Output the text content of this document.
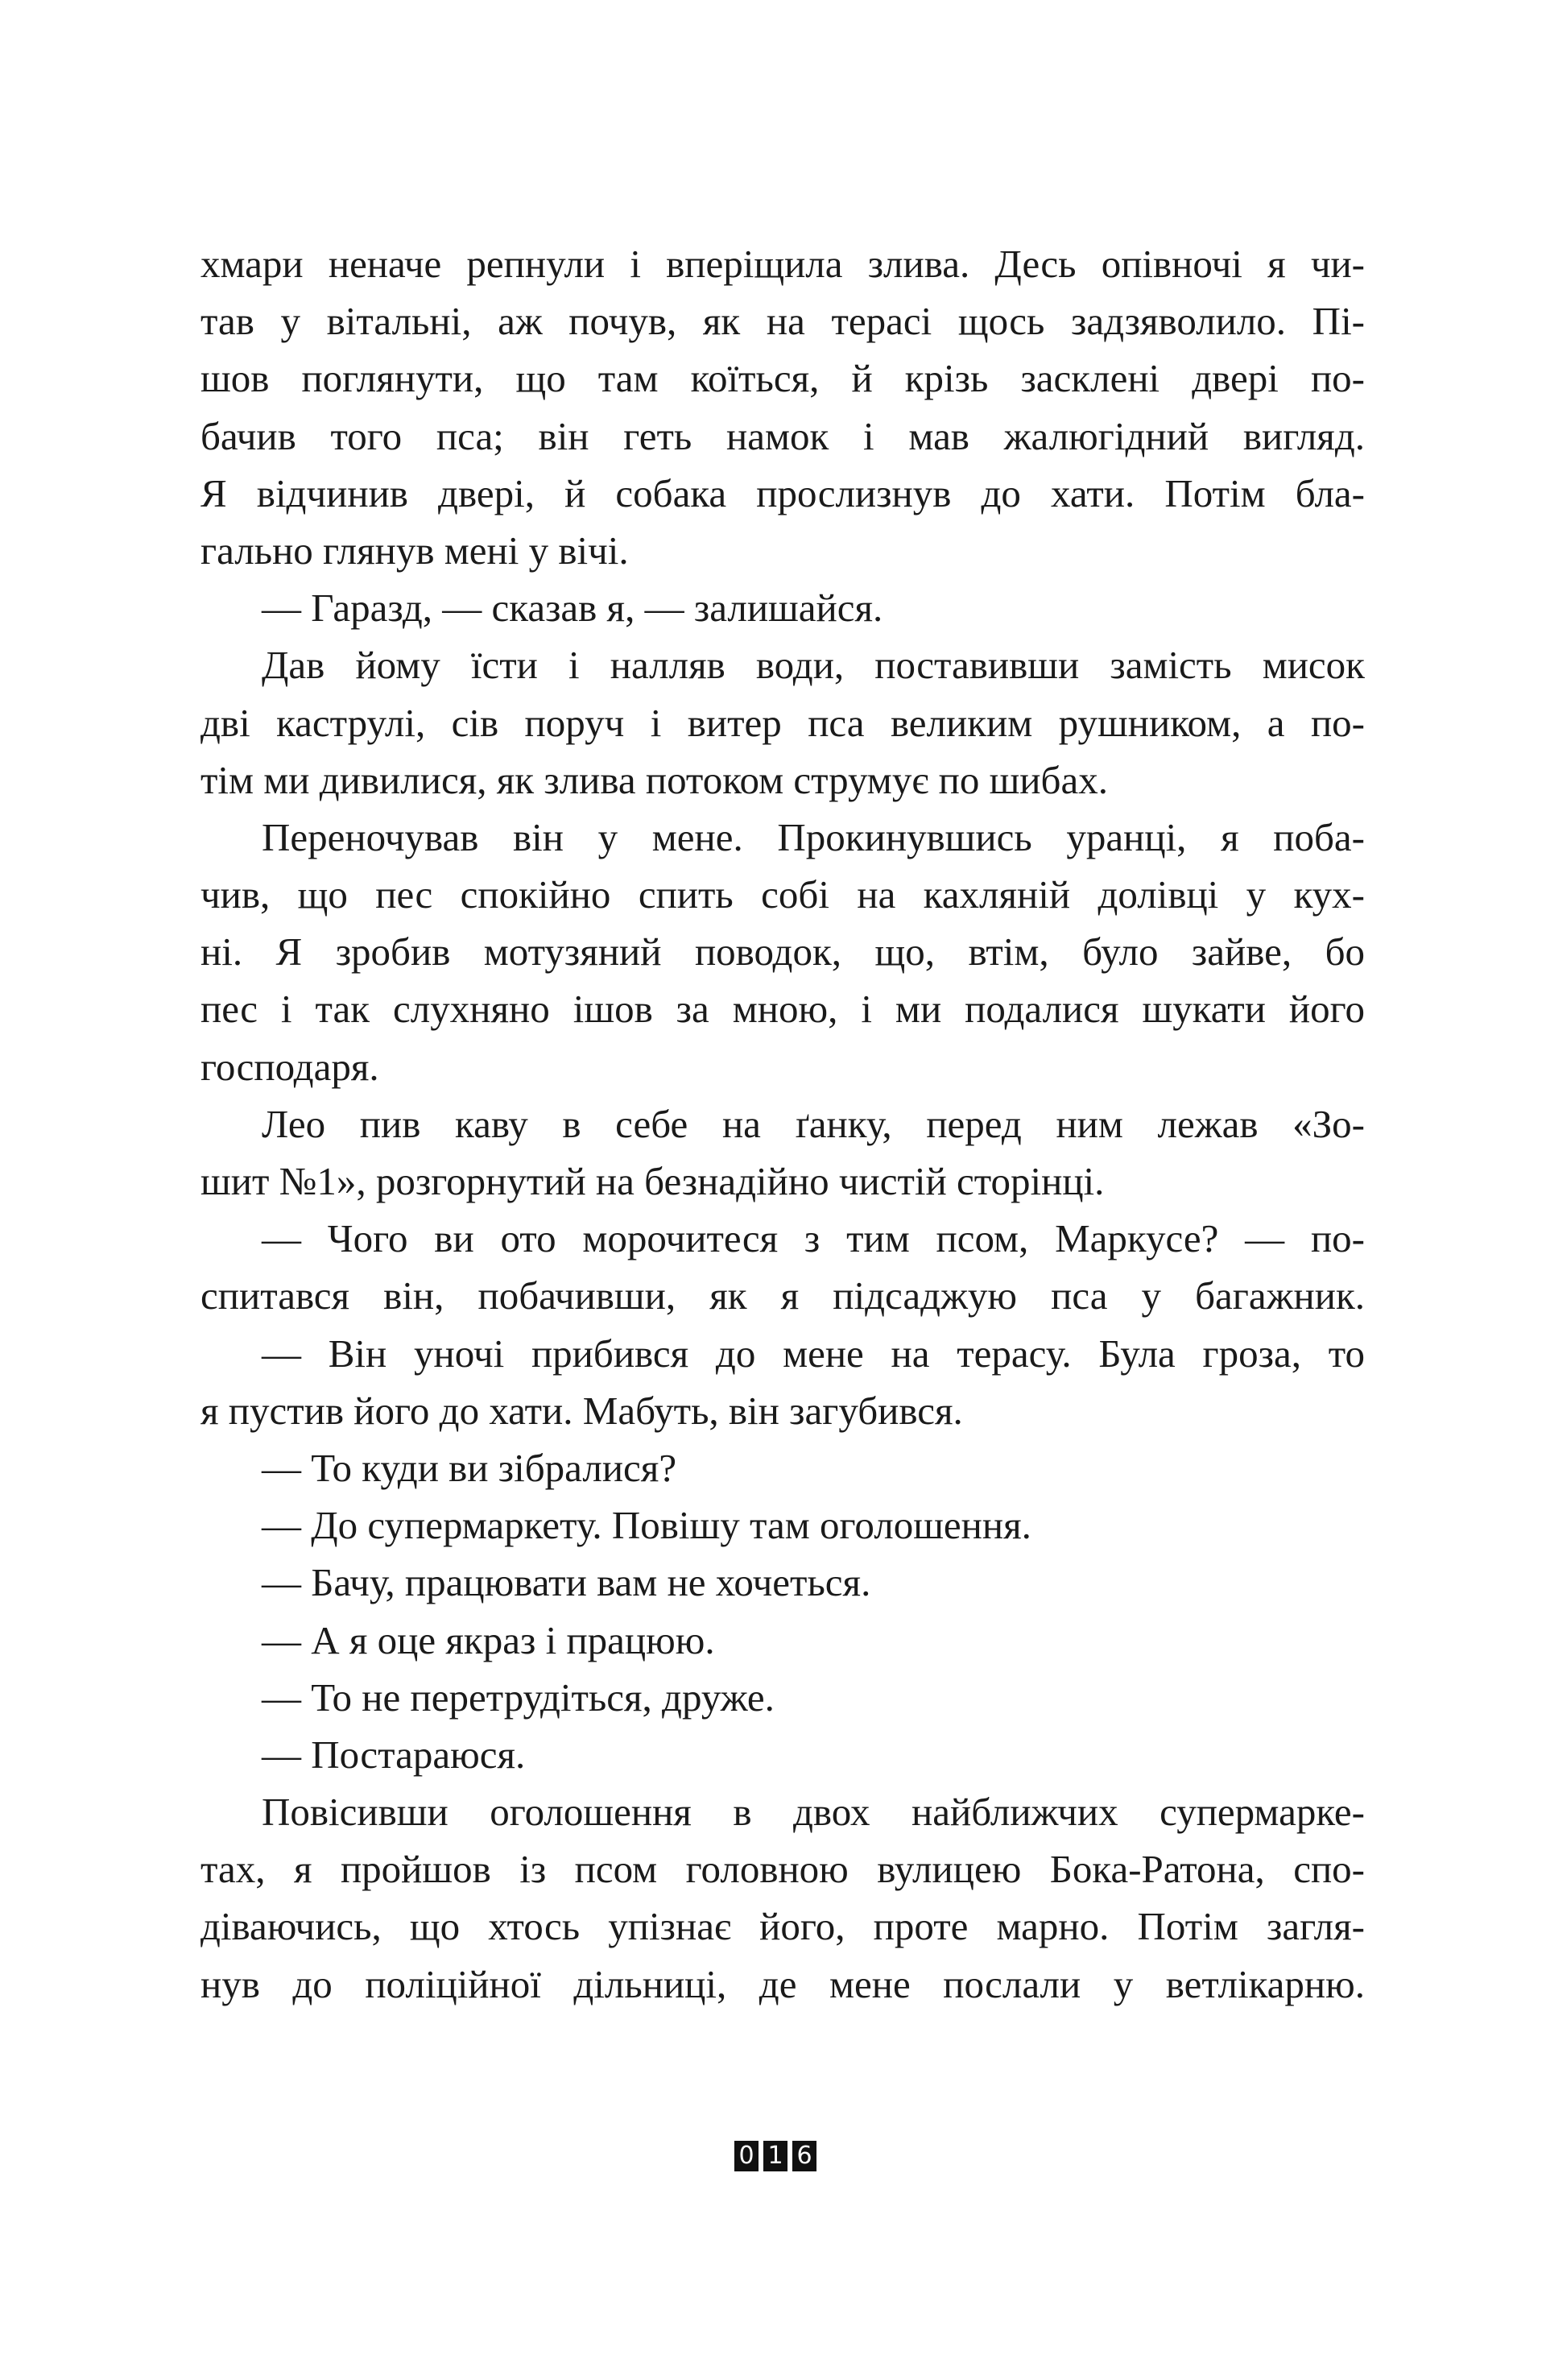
хмари неначе репнули і вперіщила злива. Десь опівночі я чи-
тав у вітальні, аж почув, як на терасі щось задзяволило. Пі-
шов поглянути, що там коїться, й крізь засклені двері по-
бачив того пса; він геть намок і мав жалюгідний вигляд.
Я відчинив двері, й собака прослизнув до хати. Потім бла-
гально глянув мені у вічі.
— Гаразд, — сказав я, — залишайся.
Дав йому їсти і налляв води, поставивши замість мисок
дві каструлі, сів поруч і витер пса великим рушником, а по-
тім ми дивилися, як злива потоком струмує по шибах.
Переночував він у мене. Прокинувшись уранці, я поба-
чив, що пес спокійно спить собі на кахляній долівці у кух-
ні. Я зробив мотузяний поводок, що, втім, було зайве, бо
пес і так слухняно ішов за мною, і ми подалися шукати його
господаря.
Лео пив каву в себе на ґанку, перед ним лежав «Зо-
шит №1», розгорнутий на безнадійно чистій сторінці.
— Чого ви ото морочитеся з тим псом, Маркусе? — по-
спитався він, побачивши, як я підсаджую пса у багажник.
— Він уночі прибився до мене на терасу. Була гроза, то
я пустив його до хати. Мабуть, він загубився.
— То куди ви зібралися?
— До супермаркету. Повішу там оголошення.
— Бачу, працювати вам не хочеться.
— А я оце якраз і працюю.
— То не перетрудіться, друже.
— Постараюся.
Повісивши оголошення в двох найближчих супермарке-
тах, я пройшов із псом головною вулицею Бока-Ратона, спо-
діваючись, що хтось упізнає його, проте марно. Потім загля-
нув до поліційної дільниці, де мене послали у ветлікарню.
0 1 6
